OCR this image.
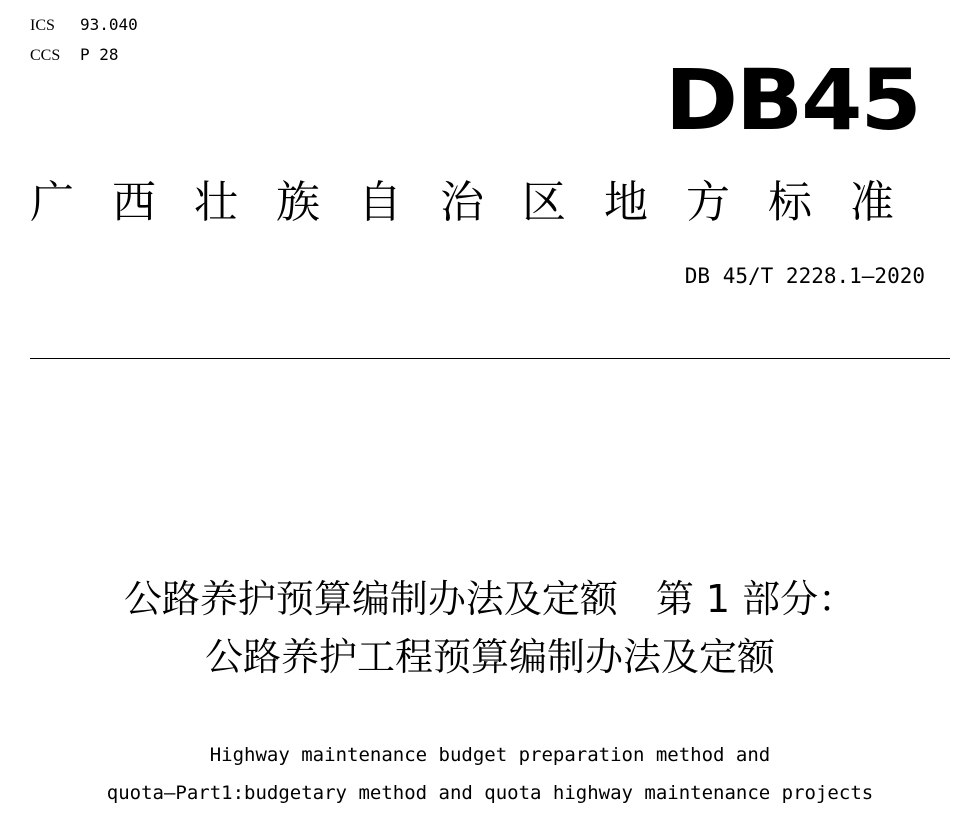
ICS 93.040
CCS P 28	DB45
广西壮族自治区地方标准
DB 45/T 2228.1—2020
公路养护预算编制办法及定额　第 1 部分：
公路养护工程预算编制办法及定额
Highway maintenance budget preparation method and
quota—Part1:budgetary method and quota highway maintenance projects
